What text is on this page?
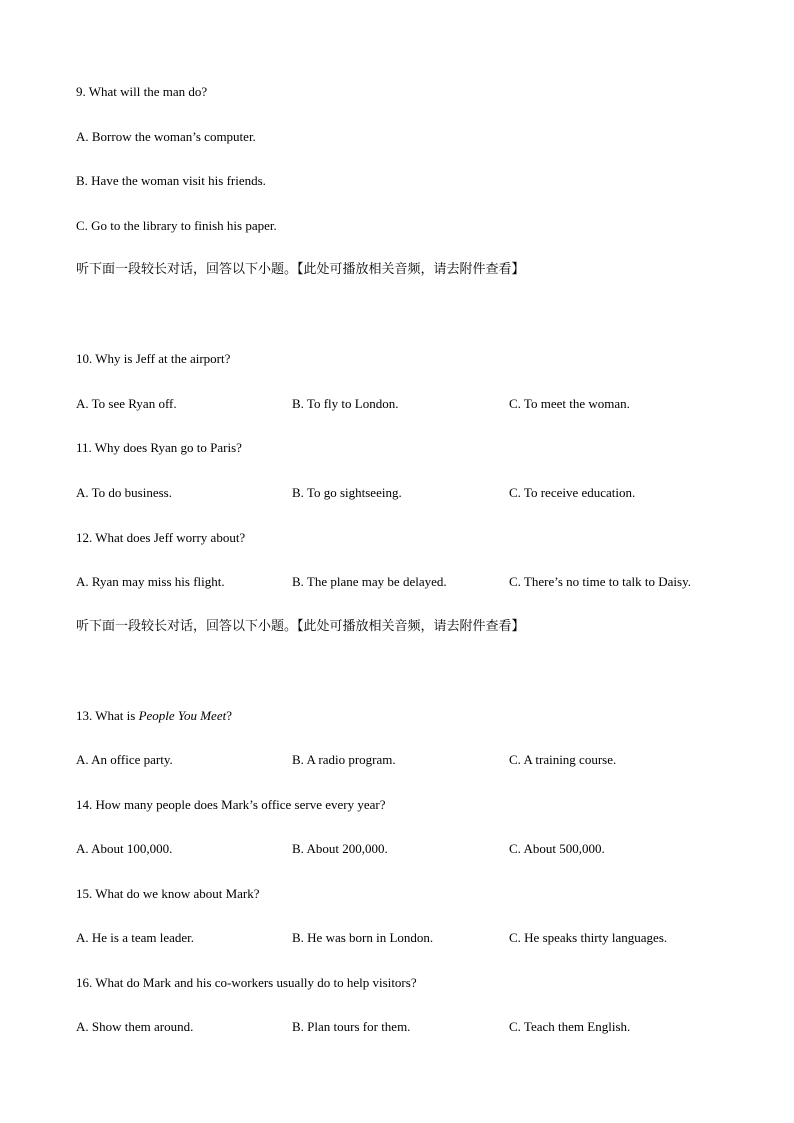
9. What will the man do?
A. Borrow the woman’s computer.
B. Have the woman visit his friends.
C. Go to the library to finish his paper.
听下面一段较长对话，回答以下小题。【此处可播放相关音频，请去附件查看】
10. Why is Jeff at the airport?
A. To see Ryan off.	B. To fly to London.	C. To meet the woman.
11. Why does Ryan go to Paris?
A. To do business.	B. To go sightseeing.	C. To receive education.
12. What does Jeff worry about?
A. Ryan may miss his flight.	B. The plane may be delayed.	C. There’s no time to talk to Daisy.
听下面一段较长对话，回答以下小题。【此处可播放相关音频，请去附件查看】
13. What is People You Meet?
A. An office party.	B. A radio program.	C. A training course.
14. How many people does Mark’s office serve every year?
A. About 100,000.	B. About 200,000.	C. About 500,000.
15. What do we know about Mark?
A. He is a team leader.	B. He was born in London.	C. He speaks thirty languages.
16. What do Mark and his co-workers usually do to help visitors?
A. Show them around.	B. Plan tours for them.	C. Teach them English.
